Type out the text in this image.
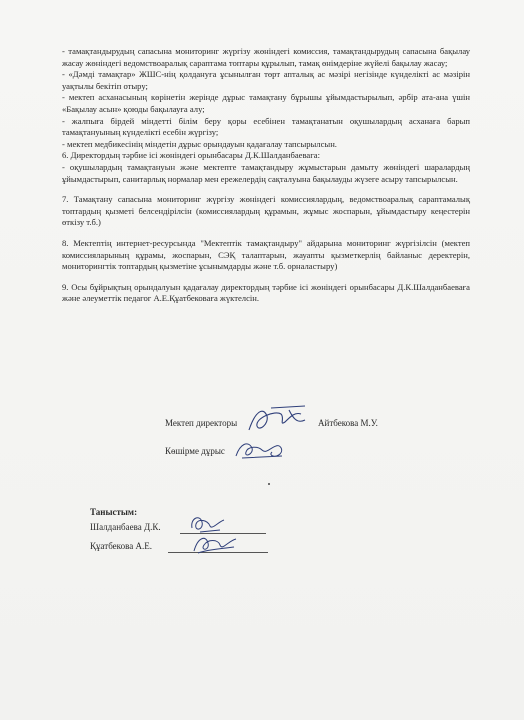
- тамақтандырудың сапасына мониторинг жүргізу жөніндегі комиссия, тамақтандырудың сапасына бақылау жасау жөніндегі ведомствоаралық сараптама топтары құрылып, тамақ өнімдеріне жүйелі бақылау жасау;

- «Дәмді тамақтар» ЖШС-нің қолдануға ұсынылған төрт апталық ас мәзірі негізінде күнделікті ас мәзірін уақтылы бекітіп отыру;

- мектеп асханасының көрінетін жерінде дұрыс тамақтану бұрышы ұйымдастырылып, әрбір ата-ана үшін «Бақылау асын» қоюды бақылауға алу;

- жалпыға бірдей міндетті білім беру қоры есебінен тамақтанатын оқушылардың асханаға барып тамақтануының күнделікті есебін жүргізу;

- мектеп медбикесінің міндетін дұрыс орындауын қадағалау тапсырылсын.

6. Директордың тәрбие ісі жөніндегі орынбасары Д.К.Шалданбаевага:

- оқушылардың тамақтануын және мектепте тамақтандыру жұмыстарын дамыту жөніндегі шаралардың ұйымдастырып, санитарлық нормалар мен ережелердің сақталуына бақылауды жүзеге асыру тапсырылсын.

7. Тамақтану сапасына мониторинг жүргізу жөніндегі комиссиялардың, ведомствоаралық сараптамалық топтардың қызметі белсендірілсін (комиссиялардың құрамын, жұмыс жоспарын, ұйымдастыру кеңестерін өткізу т.б.)

8. Мектептің интернет-ресурсында "Мектептік тамақтандыру" айдарына мониторинг жүргізілсін (мектеп комиссияларының құрамы, жоспарын, СЭҚ талаптарын, жауапты қызметкерлің байланыс деректерін, мониторингтік топтардың қызметіне ұсынымдарды және т.б. орналастыру)

9. Осы бұйрықтың орындалуын қадағалау директордың тәрбие ісі жөніндегі орынбасары Д.К.Шалданбаеваға және әлеуметтік педагог А.Е.Құатбековаға жүктелсін.

Мектеп директоры	Айтбекова М.У.
Көшірме дұрыс
Таныстым:
Шалданбаева Д.К.
Құатбекова А.Е.
